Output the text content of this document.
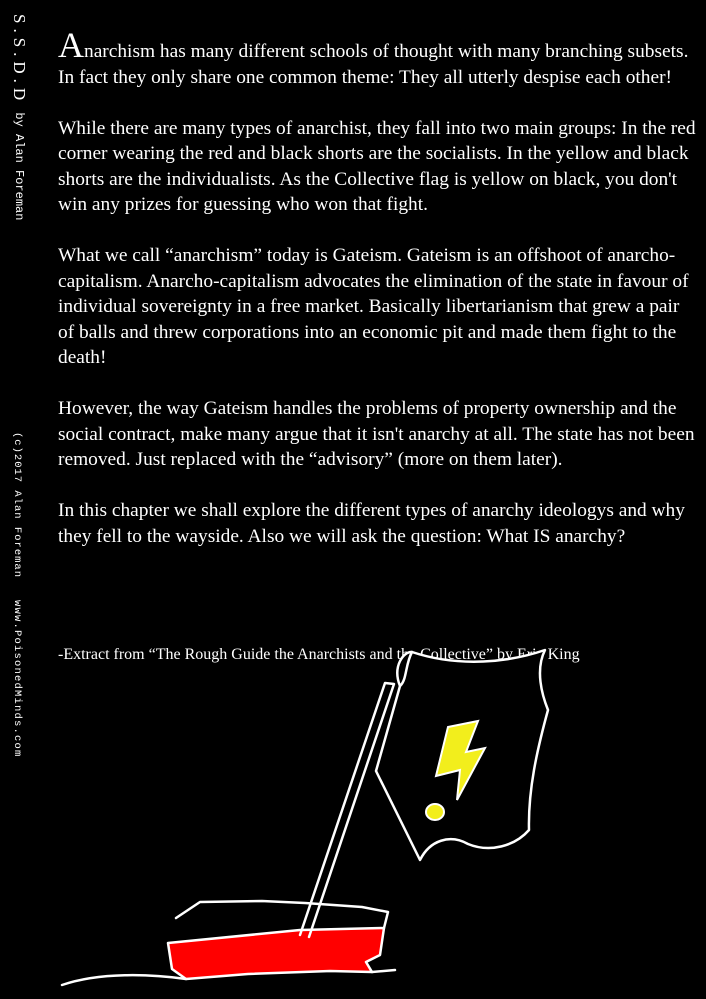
S.S.D.D by Alan Foreman
(c)2017 Alan Foreman
www.PoisonedMinds.com

Anarchism has many different schools of thought with many branching subsets. In fact they only share one common theme: They all utterly despise each other!

While there are many types of anarchist, they fall into two main groups: In the red corner wearing the red and black shorts are the socialists. In the yellow and black shorts are the individualists. As the Collective flag is yellow on black, you don't win any prizes for guessing who won that fight.

What we call “anarchism” today is Gateism. Gateism is an offshoot of anarcho-capitalism. Anarcho-capitalism advocates the elimination of the state in favour of individual sovereignty in a free market. Basically libertarianism that grew a pair of balls and threw corporations into an economic pit and made them fight to the death!

However, the way Gateism handles the problems of property ownership and the social contract, make many argue that it isn't anarchy at all. The state has not been removed. Just replaced with the “advisory” (more on them later).

In this chapter we shall explore the different types of anarchy ideologys and why they fell to the wayside. Also we will ask the question: What IS anarchy?

-Extract from “The Rough Guide the Anarchists and the Collective” by Eric King
